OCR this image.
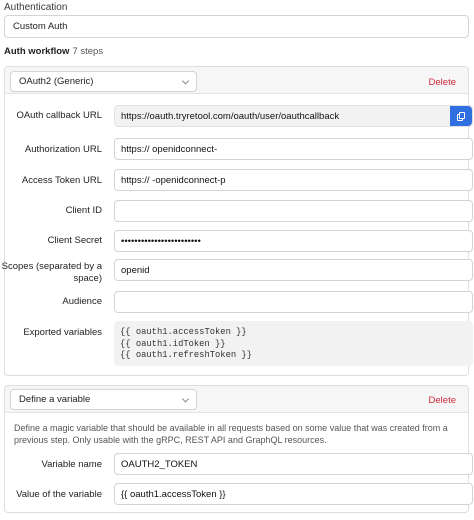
Authentication
Custom Auth
Auth workflow 7 steps
OAuth2 (Generic)	Delete
OAuth callback URL https://oauth.tryretool.com/oauth/user/oauthcallback
Authorization URL https:// openidconnect-
Access Token URL https:// -openidconnect-p
Client ID
Client Secret ••••••••••••••••••••••••
Scopes (separated by a space)
openid
Audience
Exported variables {{ oauth1.accessToken }}
{{ oauth1.idToken }}
{{ oauth1.refreshToken }}
Define a variable	Delete
Define a magic variable that should be available in all requests based on some value that was created from a previous step. Only usable with the gRPC, REST API and GraphQL resources.
Variable name OAUTH2_TOKEN
Value of the variable {{ oauth1.accessToken }}
